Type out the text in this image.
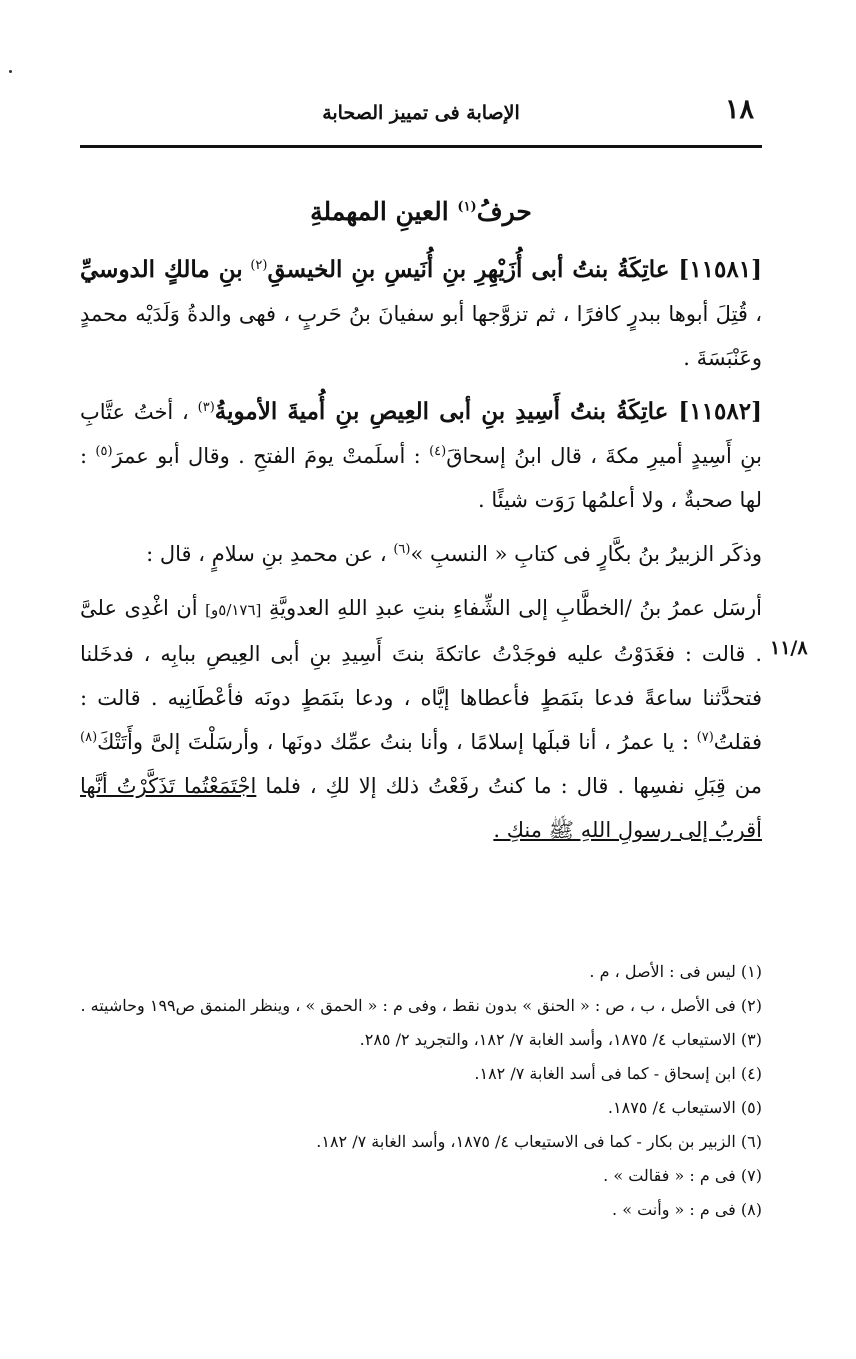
١٨
الإصابة فى تمييز الصحابة
١١/٨
حرفُ$^{(١)}$ العينِ المهملةِ

[١١٥٨١] عاتِكَةُ بنتُ أبى أُزَيْهِرِ بنِ أُنَيسِ بنِ الخيسقِ$^{(٢)}$ بنِ مالكٍ الدوسيِّ ، قُتِلَ أبوها ببدرٍ كافرًا ، ثم تزوَّجها أبو سفيانَ بنُ حَربٍ ، فهى والدةُ وَلَدَيْه محمدٍ وعَنْبَسَةَ .

[١١٥٨٢] عاتِكَةُ بنتُ أَسِيدِ بنِ أبى العِيصِ بنِ أُميةَ الأمويةُ$^{(٣)}$ ، أختُ عتَّابِ بنِ أَسِيدٍ أميرِ مكةَ ، قال ابنُ إسحاقَ$^{(٤)}$ : أسلَمتْ يومَ الفتحِ . وقال أبو عمرَ$^{(٥)}$ : لها صحبةٌ ، ولا أعلمُها رَوَت شيئًا .

وذكَر الزبيرُ بنُ بكَّارٍ فى كتابِ « النسبِ »$^{(٦)}$ ، عن محمدِ بنِ سلامٍ ، قال :

أرسَل عمرُ بنُ /الخطَّابِ إلى الشِّفاءِ بنتِ عبدِ اللهِ العدويَّةِ [٥/١٧٦و] أن اغْدِى علىَّ . قالت : فغَدَوْتُ عليه فوجَدْتُ عاتكةَ بنتَ أَسِيدِ بنِ أبى العِيصِ ببابِه ، فدخَلنا فتحدَّثنا ساعةً فدعا بنَمَطٍ فأعطاها إيَّاه ، ودعا بنَمَطٍ دونَه فأعْطَانِيه . قالت : فقلتُ$^{(٧)}$ : يا عمرُ ، أنا قبلَها إسلامًا ، وأنا بنتُ عمِّك دونَها ، وأرسَلْتَ إلىَّ وأَتَتْكَ$^{(٨)}$ من قِبَلِ نفسِها . قال : ما كنتُ رفَعْتُ ذلك إلا لكِ ، فلما اجْتَمَعْتُما تَذَكَّرْتُ أنَّها أقربُ إلى رسولِ اللهِ ﷺ منكِ .

(١) ليس فى : الأصل ، م .

(٢) فى الأصل ، ب ، ص : « الحنق » بدون نقط ، وفى م : « الحمق » ، وينظر المنمق ص١٩٩ وحاشيته .

(٣) الاستيعاب ٤/ ١٨٧٥، وأسد الغابة ٧/ ١٨٢، والتجريد ٢/ ٢٨٥.

(٤) ابن إسحاق - كما فى أسد الغابة ٧/ ١٨٢.

(٥) الاستيعاب ٤/ ١٨٧٥.

(٦) الزبير بن بكار - كما فى الاستيعاب ٤/ ١٨٧٥، وأسد الغابة ٧/ ١٨٢.

(٧) فى م : « فقالت » .

(٨) فى م : « وأنت » .
